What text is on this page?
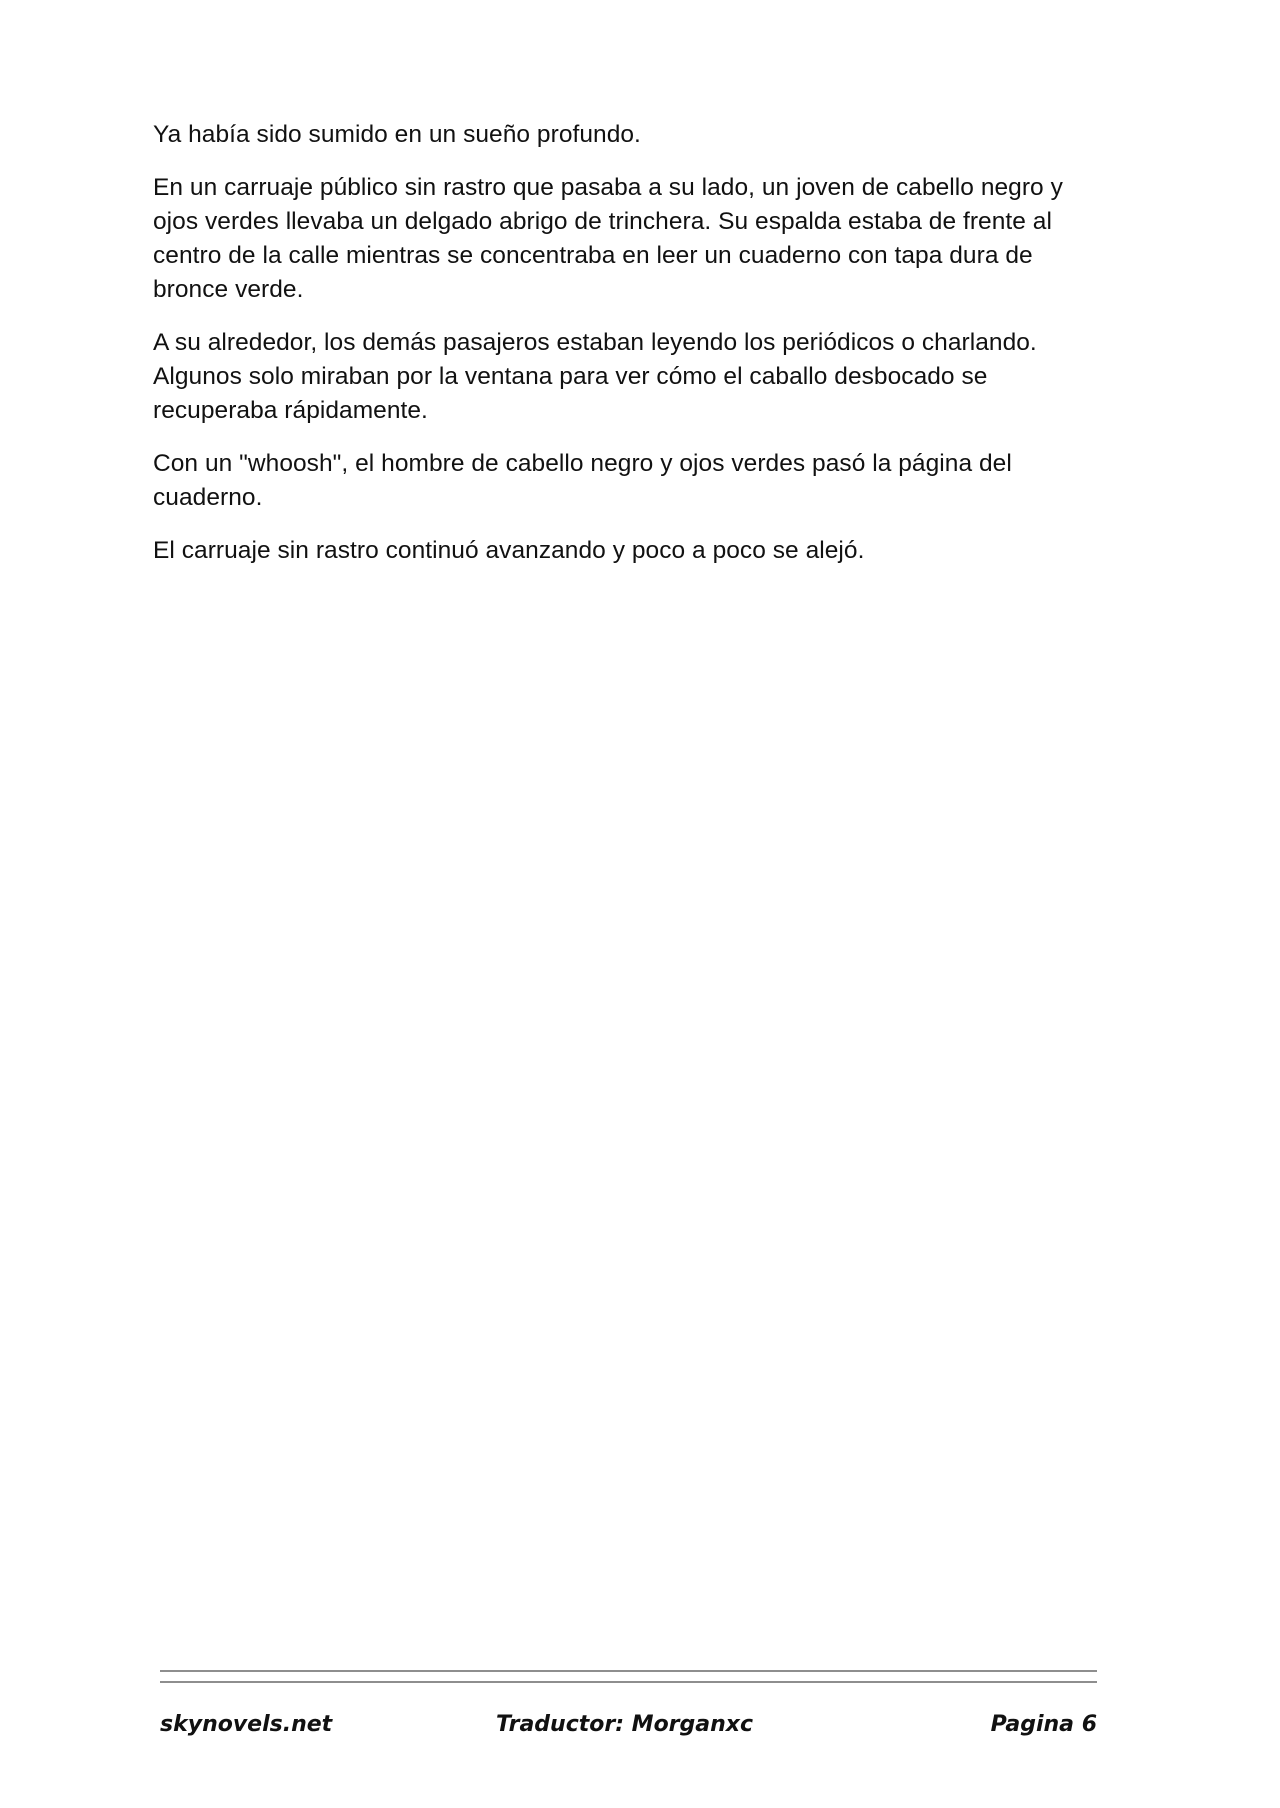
Ya había sido sumido en un sueño profundo.

En un carruaje público sin rastro que pasaba a su lado, un joven de cabello negro y ojos verdes llevaba un delgado abrigo de trinchera. Su espalda estaba de frente al centro de la calle mientras se concentraba en leer un cuaderno con tapa dura de bronce verde.

A su alrededor, los demás pasajeros estaban leyendo los periódicos o charlando. Algunos solo miraban por la ventana para ver cómo el caballo desbocado se recuperaba rápidamente.

Con un "whoosh", el hombre de cabello negro y ojos verdes pasó la página del cuaderno.

El carruaje sin rastro continuó avanzando y poco a poco se alejó.

skynovels.net	Traductor: Morganxc	Pagina 6
